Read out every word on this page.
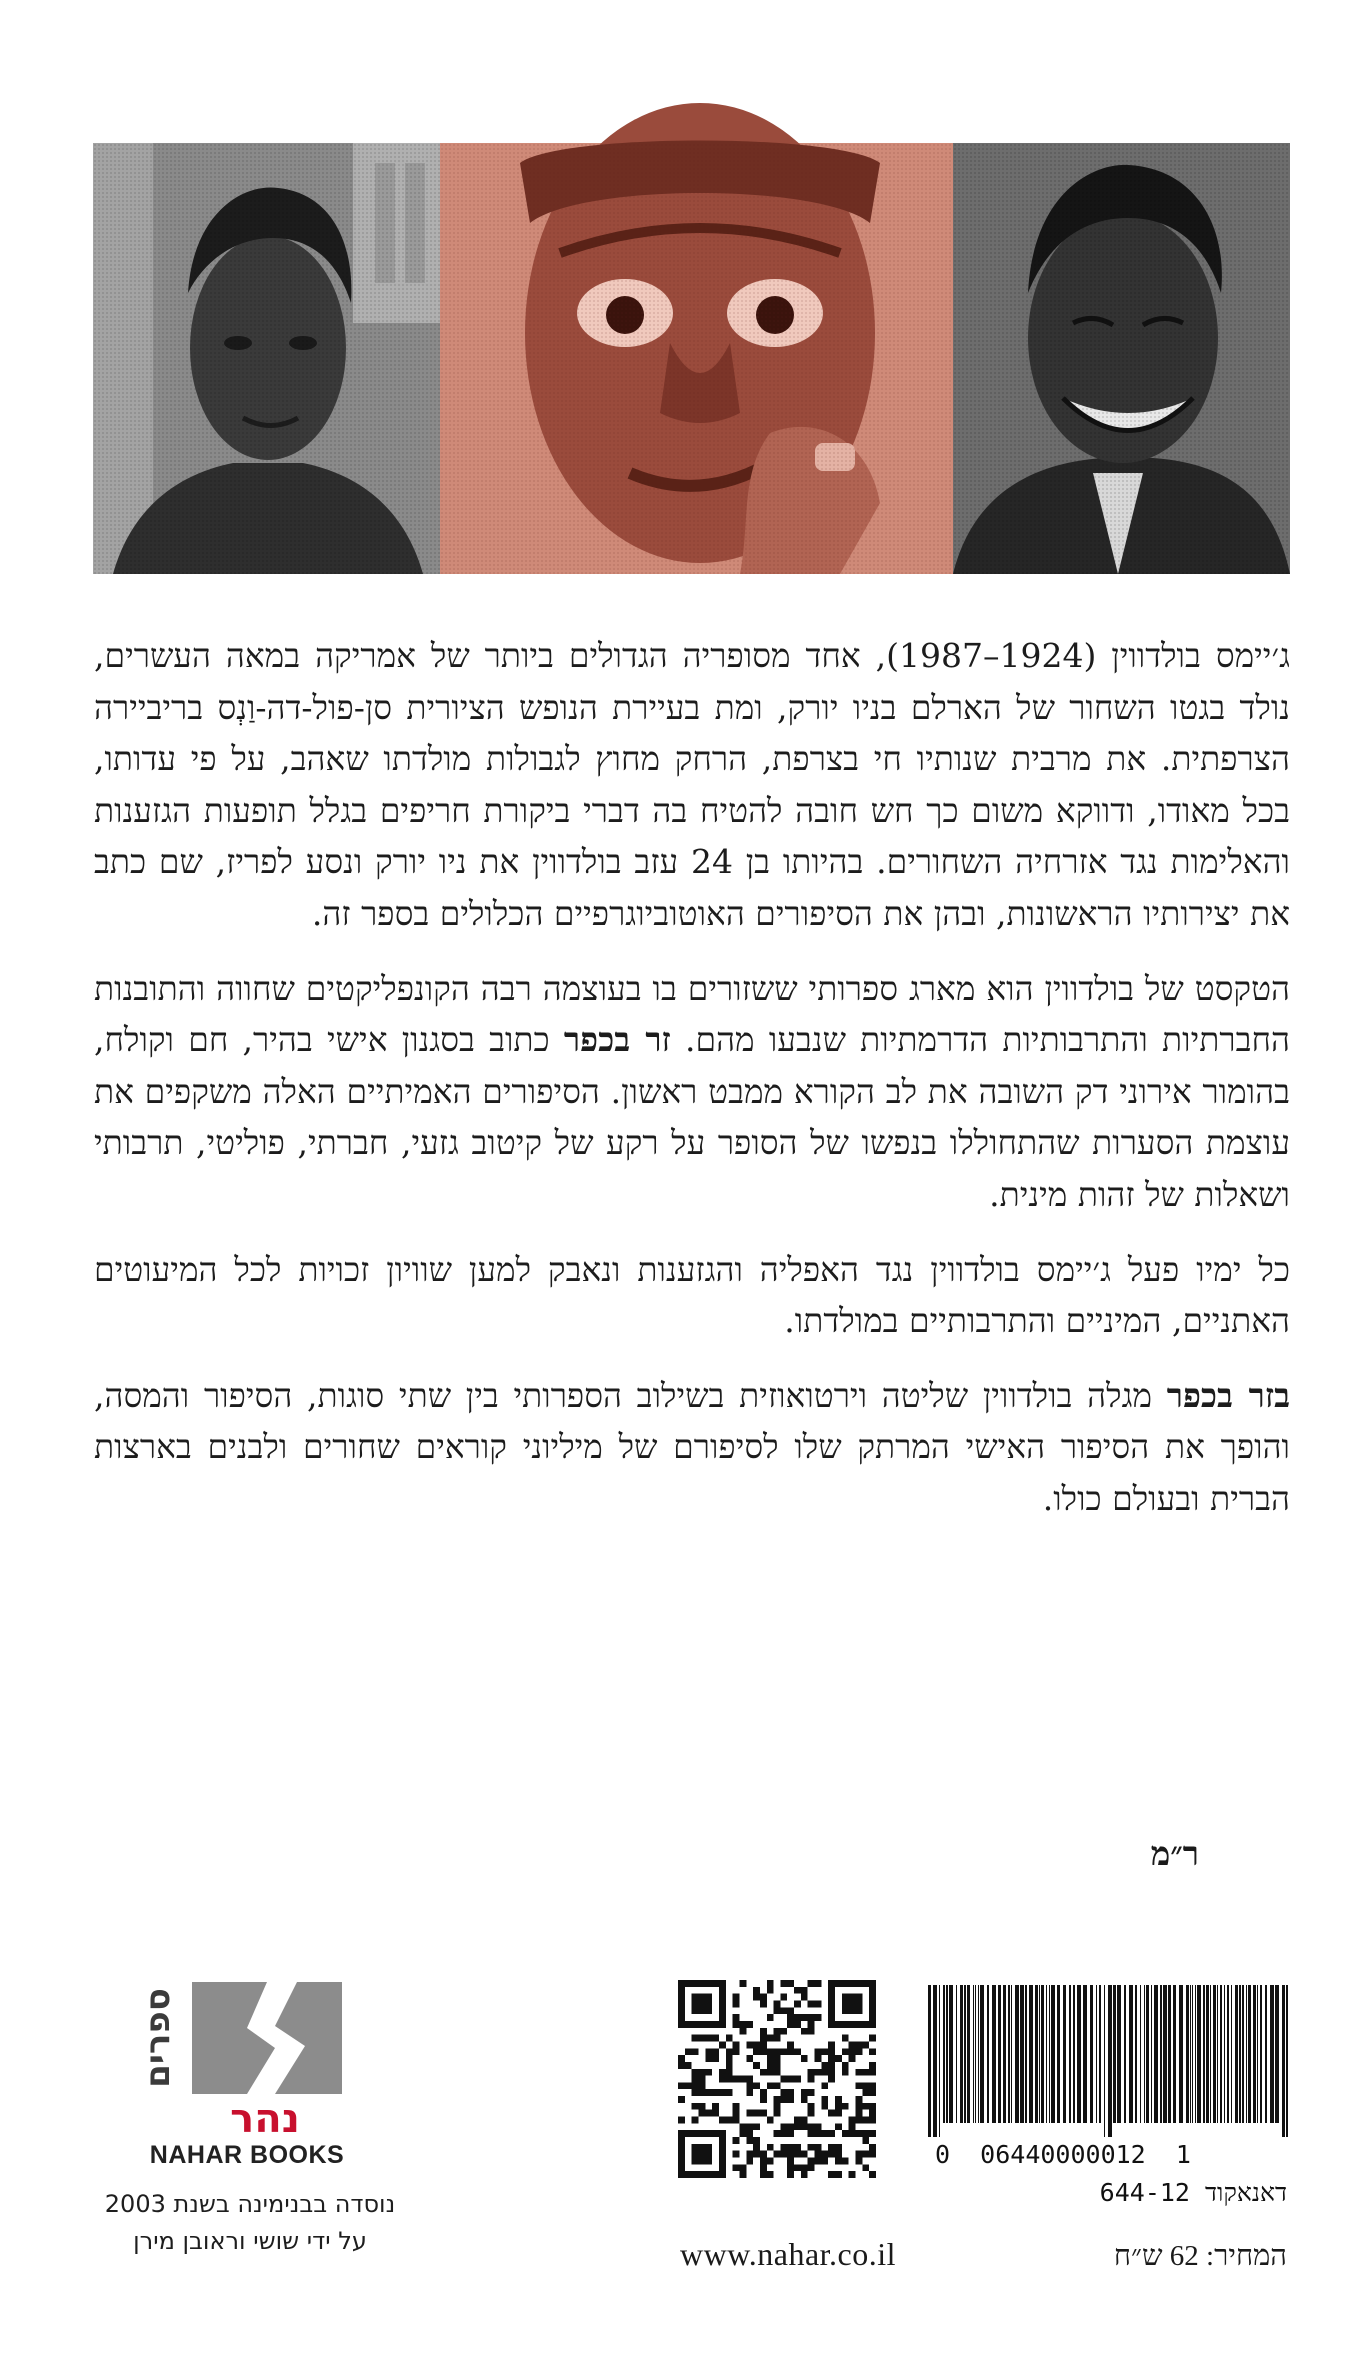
ג׳יימס בולדווין (1924–1987), אחד מסופריה הגדולים ביותר של אמריקה במאה העשרים, נולד בגטו השחור של הארלם בניו יורק, ומת בעיירת הנופש הציורית סן-פול-דה-וַנְס בריביירה הצרפתית. את מרבית שנותיו חי בצרפת, הרחק מחוץ לגבולות מולדתו שאהב, על פי עדותו, בכל מאודו, ודווקא משום כך חש חובה להטיח בה דברי ביקורת חריפים בגלל תופעות הגזענות והאלימות נגד אזרחיה השחורים. בהיותו בן 24 עזב בולדווין את ניו יורק ונסע לפריז, שם כתב את יצירותיו הראשונות, ובהן את הסיפורים האוטוביוגרפיים הכלולים בספר זה.

הטקסט של בולדווין הוא מארג ספרותי ששזורים בו בעוצמה רבה הקונפליקטים שחווה והתובנות החברתיות והתרבותיות הדרמתיות שנבעו מהם. זר בכפר כתוב בסגנון אישי בהיר, חם וקולח, בהומור אירוני דק השובה את לב הקורא ממבט ראשון. הסיפורים האמיתיים האלה משקפים את עוצמת הסערות שהתחוללו בנפשו של הסופר על רקע של קיטוב גזעי, חברתי, פוליטי, תרבותי ושאלות של זהות מינית.

כל ימיו פעל ג׳יימס בולדווין נגד האפליה והגזענות ונאבק למען שוויון זכויות לכל המיעוטים האתניים, המיניים והתרבותיים במולדתו.

בזר בכפר מגלה בולדווין שליטה וירטואוזית בשילוב הספרותי בין שתי סוגות, הסיפור והמסה, והופך את הסיפור האישי המרתק שלו לסיפורם של מיליוני קוראים שחורים ולבנים בארצות הברית ובעולם כולו.

ר״מ
ספרים
נהר
NAHAR BOOKS
נוסדה בבנימינה בשנת 2003
על ידי שושי וראובן מירן
0 06440000012 1
דאנאקוד 644-12
www.nahar.co.il	המחיר: 62 ש״ח
